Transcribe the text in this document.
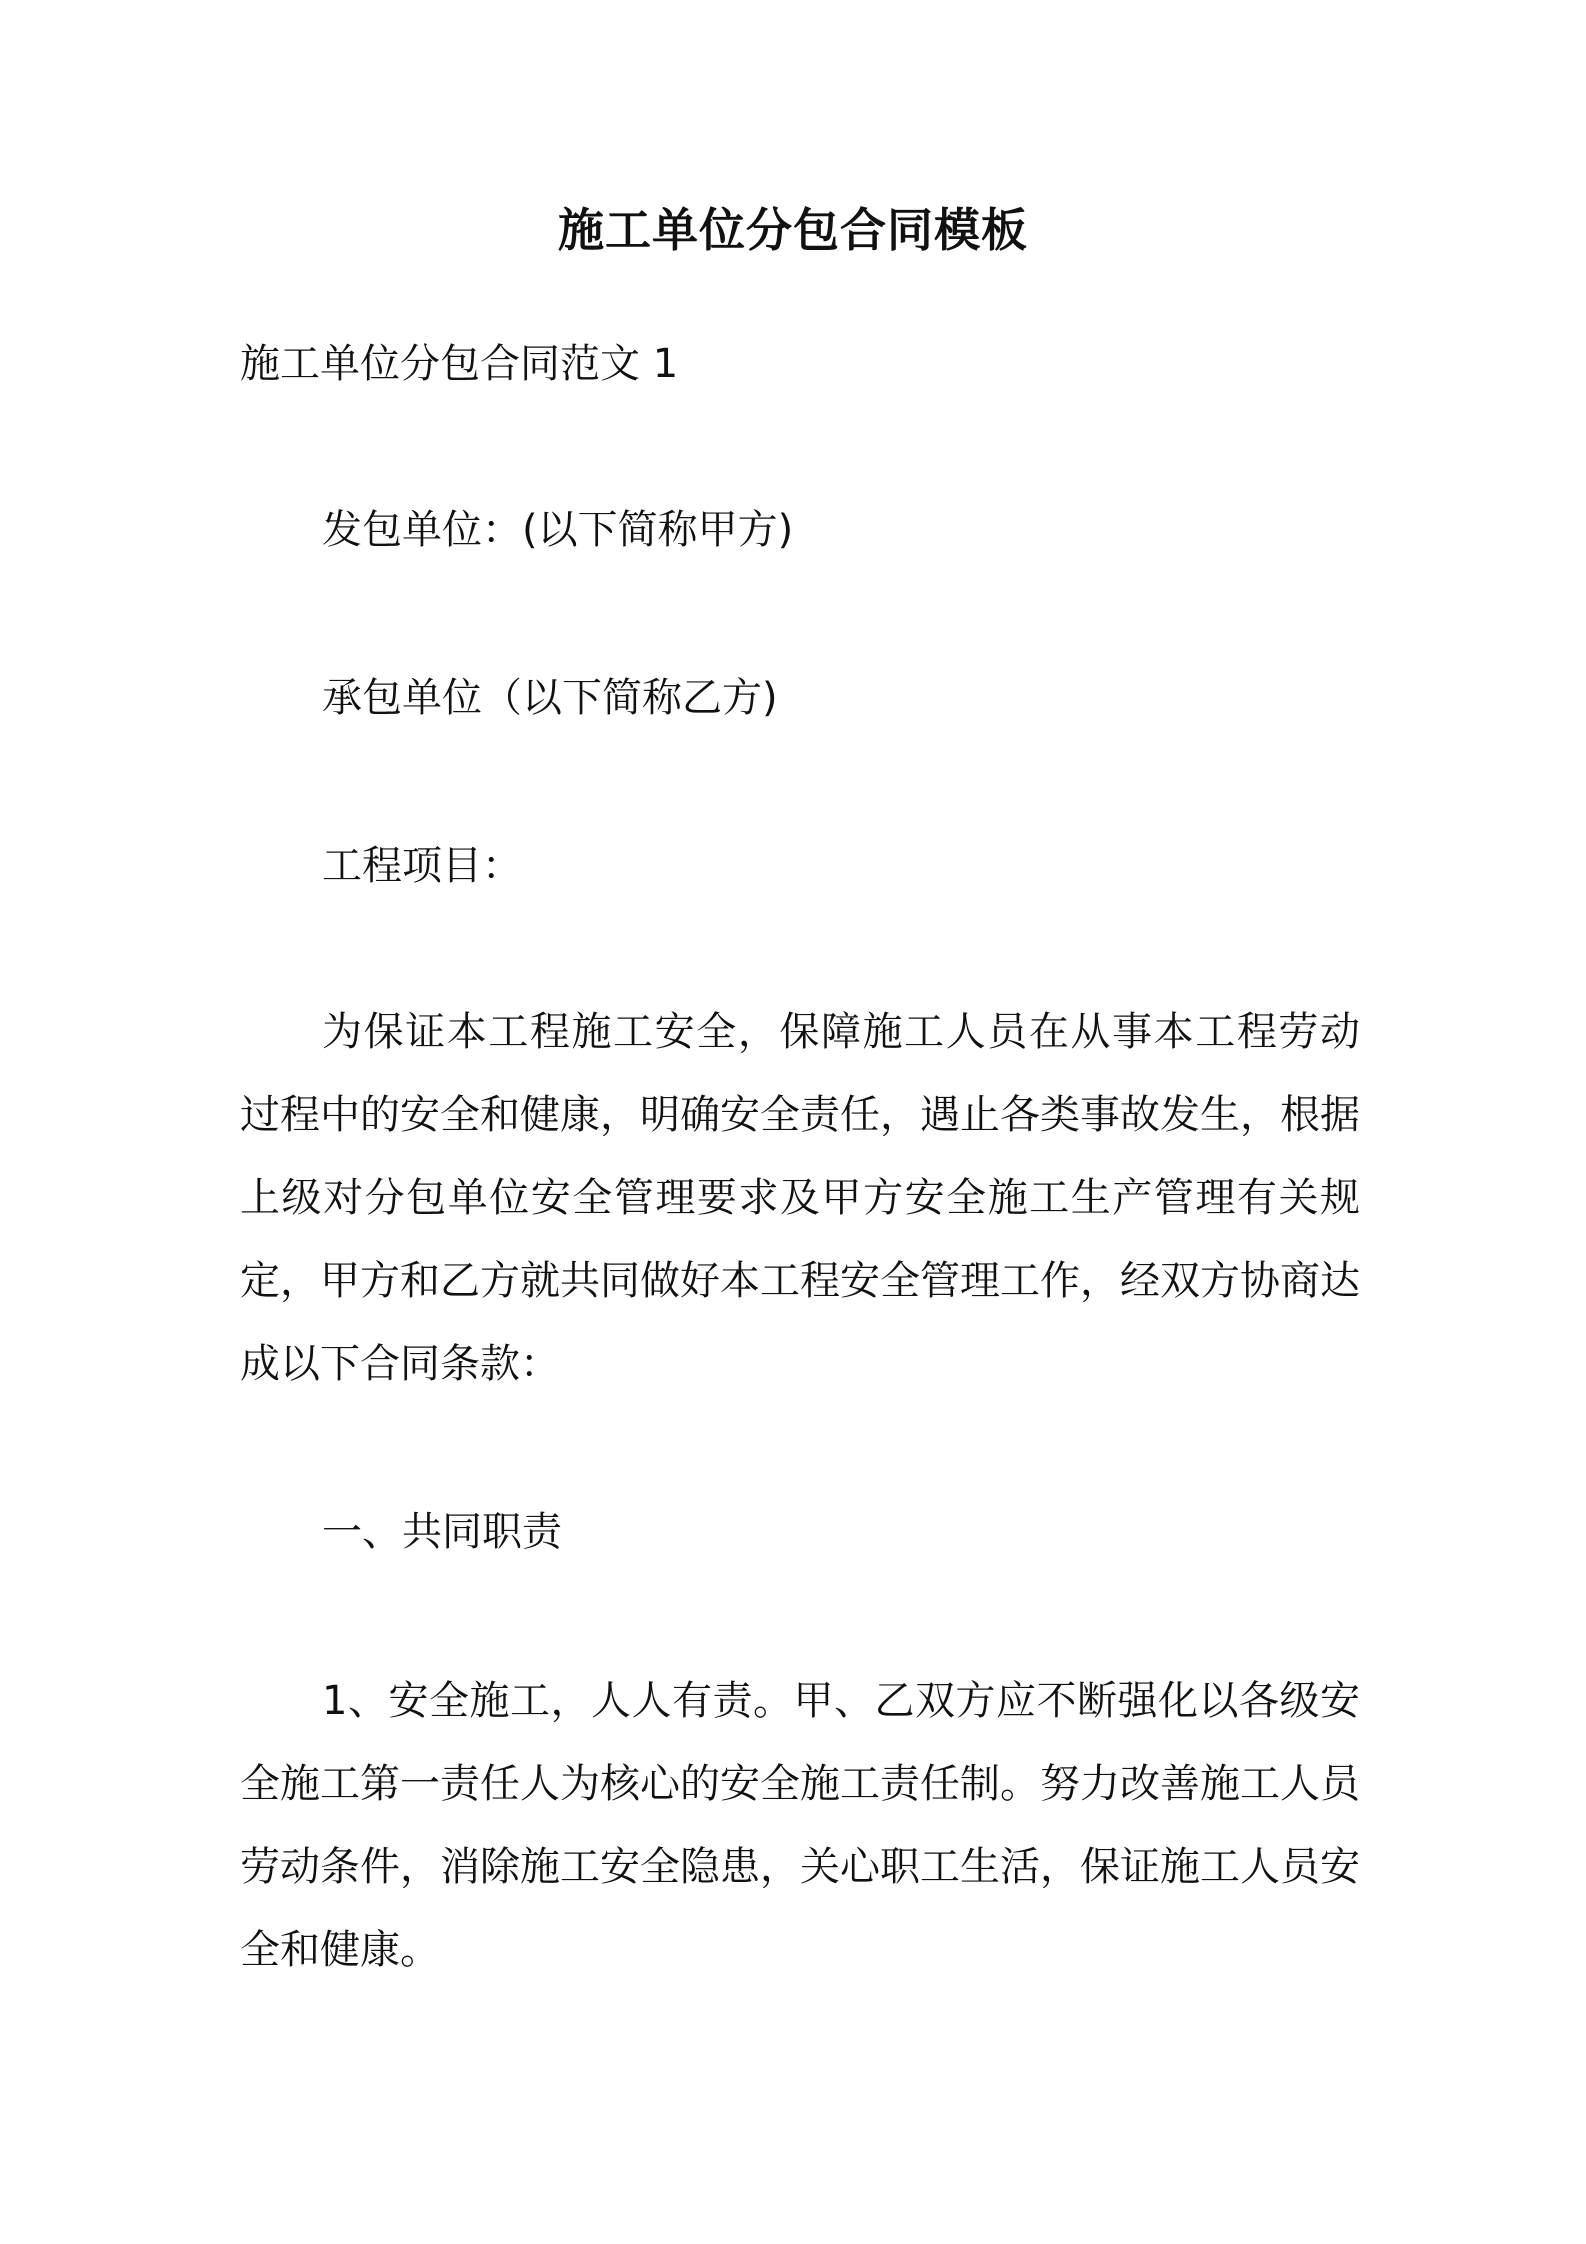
施工单位分包合同模板
施工单位分包合同范文 1
发包单位：(以下简称甲方)
承包单位（以下简称乙方)
工程项目：
为保证本工程施工安全，保障施工人员在从事本工程劳动过程中的安全和健康，明确安全责任，遇止各类事故发生，根据上级对分包单位安全管理要求及甲方安全施工生产管理有关规定，甲方和乙方就共同做好本工程安全管理工作，经双方协商达成以下合同条款：
一、共同职责
1、安全施工，人人有责。甲、乙双方应不断强化以各级安全施工第一责任人为核心的安全施工责任制。努力改善施工人员劳动条件，消除施工安全隐患，关心职工生活，保证施工人员安全和健康。
